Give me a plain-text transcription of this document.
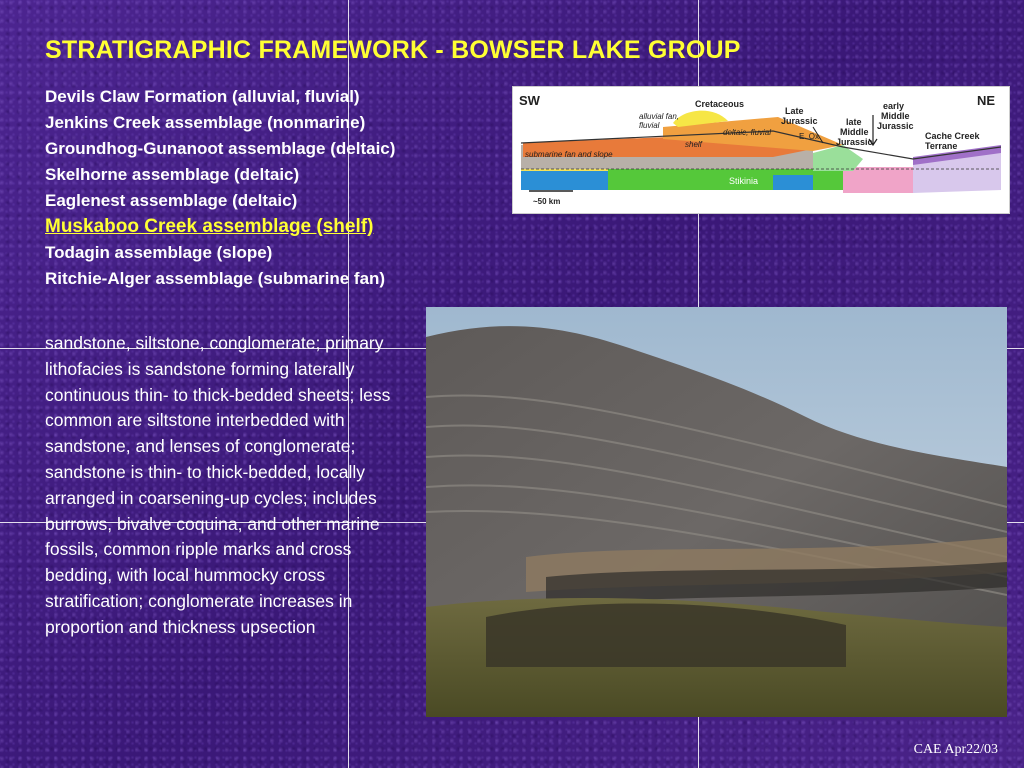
STRATIGRAPHIC FRAMEWORK - BOWSER LAKE GROUP
Devils Claw Formation (alluvial, fluvial)
Jenkins Creek assemblage (nonmarine)
Groundhog-Gunanoot assemblage (deltaic)
Skelhorne assemblage (deltaic)
Eaglenest assemblage (deltaic)
Muskaboo Creek assemblage (shelf)
Todagin assemblage (slope)
Ritchie-Alger assemblage (submarine fan)
SW	NE
Cretaceous
Late
Jurassic
early
Middle
Jurassic
late
Middle
Jurassic
alluvial fan,
fluvial
deltaic, fluvial	E. Ox
shelf
submarine fan and slope
Cache Creek
Terrane
Stikinia
~50 km

sandstone, siltstone, conglomerate; primary lithofacies is sandstone forming laterally continuous thin- to thick-bedded sheets; less common are siltstone interbedded with sandstone, and lenses of conglomerate; sandstone is thin- to thick-bedded, locally arranged in coarsening-up cycles; includes burrows, bivalve coquina, and other marine fossils, common ripple marks and cross bedding, with local hummocky cross stratification; conglomerate increases in proportion and thickness upsection

CAE Apr22/03
